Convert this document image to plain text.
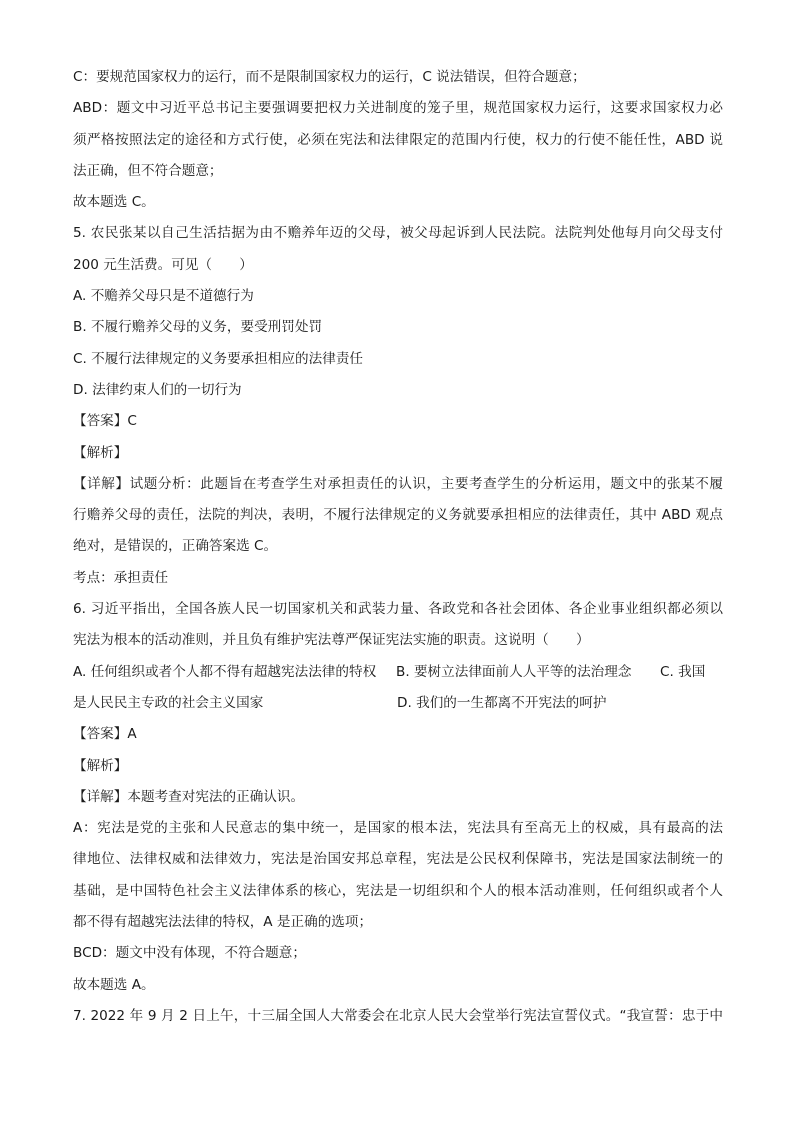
C：要规范国家权力的运行，而不是限制国家权力的运行，C 说法错误，但符合题意；
ABD：题文中习近平总书记主要强调要把权力关进制度的笼子里，规范国家权力运行，这要求国家权力必
须严格按照法定的途径和方式行使，必须在宪法和法律限定的范围内行使，权力的行使不能任性，ABD 说
法正确，但不符合题意；
故本题选 C。
5. 农民张某以自己生活拮据为由不赡养年迈的父母，被父母起诉到人民法院。法院判处他每月向父母支付
200 元生活费。可见（　　）
A. 不赡养父母只是不道德行为
B. 不履行赡养父母的义务，要受刑罚处罚
C. 不履行法律规定的义务要承担相应的法律责任
D. 法律约束人们的一切行为
【答案】C
【解析】
【详解】试题分析：此题旨在考查学生对承担责任的认识，主要考查学生的分析运用，题文中的张某不履
行赡养父母的责任，法院的判决，表明，不履行法律规定的义务就要承担相应的法律责任，其中 ABD 观点
绝对，是错误的，正确答案选 C。
考点：承担责任
6. 习近平指出，全国各族人民一切国家机关和武装力量、各政党和各社会团体、各企业事业组织都必须以
宪法为根本的活动准则，并且负有维护宪法尊严保证宪法实施的职责。这说明（　　）
A. 任何组织或者个人都不得有超越宪法法律的特权	B. 要树立法律面前人人平等的法治理念	C. 我国
是人民民主专政的社会主义国家	D. 我们的一生都离不开宪法的呵护
【答案】A
【解析】
【详解】本题考查对宪法的正确认识。
A：宪法是党的主张和人民意志的集中统一，是国家的根本法，宪法具有至高无上的权威，具有最高的法
律地位、法律权威和法律效力，宪法是治国安邦总章程，宪法是公民权利保障书，宪法是国家法制统一的
基础，是中国特色社会主义法律体系的核心，宪法是一切组织和个人的根本活动准则，任何组织或者个人
都不得有超越宪法法律的特权，A 是正确的选项；
BCD：题文中没有体现，不符合题意；
故本题选 A。
7. 2022 年 9 月 2 日上午，十三届全国人大常委会在北京人民大会堂举行宪法宣誓仪式。“我宣誓：忠于中
